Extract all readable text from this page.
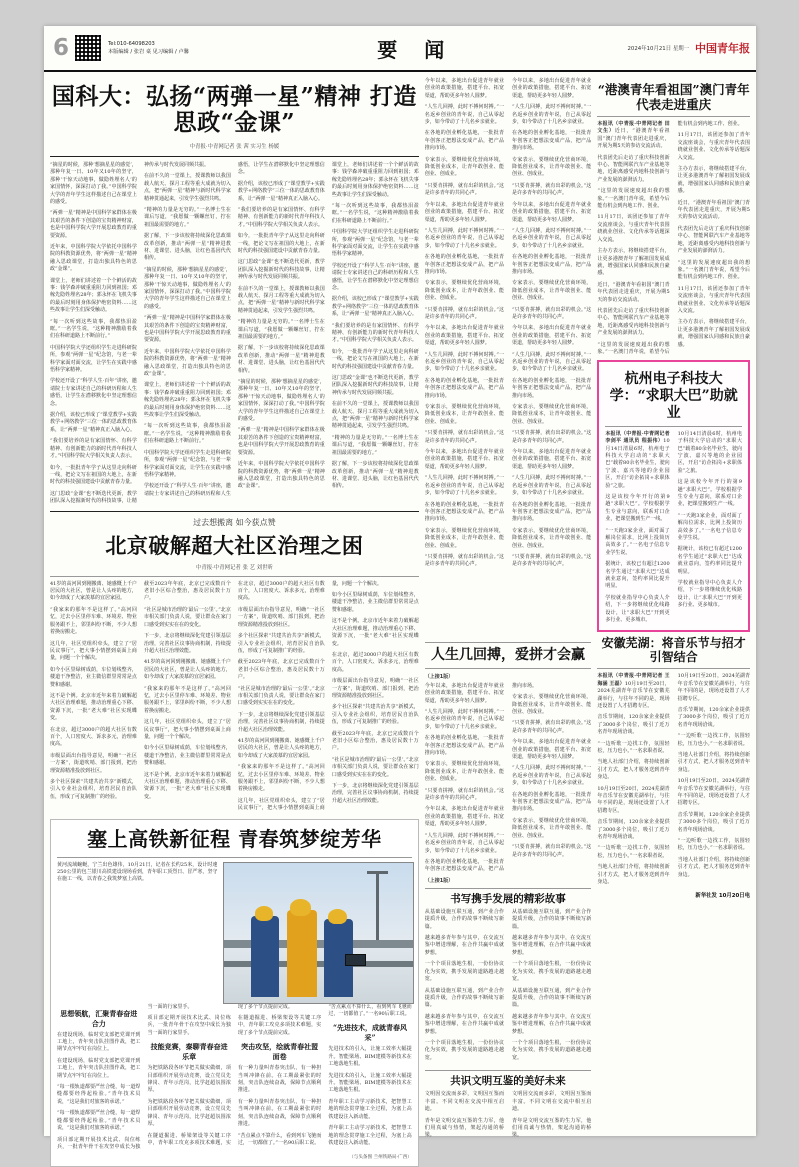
6	Tel:010-64098203
本版编辑 / 张岩 桌 见习编辑 / 卢馨	要 闻	2024年10月21日 星期一 中国青年报
国科大：弘扬“两弹一星”精神 打造思政“金课”
中青报·中青网记者 张 茜 实习生 杨媛

“摘星的时候，那种‘想摘星星的感觉’，那种年复一日、10年又10年的坚守，那种‘干惊天动地事，做隐姓埋名人’的家国情怀，深深打动了我。”中国科学院大学的青年学生这样描述自己在课堂上的感受。

“两弹一星”精神是中国科学家群体在极其艰苦的条件下创造的宝贵精神财富，也是中国科学院大学开展思政教育的重要资源。

近年来，中国科学院大学依托中国科学院的科教资源优势，将“两弹一星”精神融入思政课堂，打造出独具特色的思政“金课”。

课堂上，老师们讲述着一个个鲜活的故事：钱学森冲破重重阻力回到祖国；邓稼先隐姓埋名28年；郭永怀在飞机失事的最后时刻用身体保护绝密资料……这些故事让学生们深受触动。

“每一次听到这些故事，我都热泪盈眶。”一名学生说，“这种精神激励着我们在科研道路上不断前行。”

中国科学院大学还组织学生走进科研院所，参观“两弹一星”纪念馆，与老一辈科学家面对面交流，让学生在实践中感悟科学家精神。

学校还开设了“科学人生·百年”讲座，邀请院士专家讲述自己的科研历程和人生感悟，让学生在潜移默化中坚定理想信念。

据介绍，该校已形成了“课堂教学+实践教学+网络教学”三位一体的思政教育体系，让“两弹一星”精神真正入脑入心。

“我们要培养的是有家国情怀、有科学精神、有创新能力的新时代青年科技人才。”中国科学院大学相关负责人表示。

如今，一批批青年学子从这里走向科研一线，把论文写在祖国的大地上，在新时代的科技强国建设中贡献青春力量。

这门思政“金课”也不断迭代更新，教学团队深入挖掘新时代的科技故事，让精神传承与时代发展同频共振。

在前不久的一堂课上，授课教师以我国载人航天、探月工程等重大成就为切入点，把“两弹一星”精神与新时代科学家精神贯通起来，引发学生强烈共鸣。

“精神的力量是无穷的。”一名博士生在课后写道，“我愿做一颗螺丝钉，拧在祖国最需要的地方。”

据了解，下一步该校将持续深化思政课改革创新，推动“两弹一星”精神进教材、进课堂、进头脑，让红色基因代代相传。

“摘星的时候，那种‘想摘星星的感觉’，那种年复一日、10年又10年的坚守，那种‘干惊天动地事，做隐姓埋名人’的家国情怀，深深打动了我。”中国科学院大学的青年学生这样描述自己在课堂上的感受。

“两弹一星”精神是中国科学家群体在极其艰苦的条件下创造的宝贵精神财富，也是中国科学院大学开展思政教育的重要资源。

近年来，中国科学院大学依托中国科学院的科教资源优势，将“两弹一星”精神融入思政课堂，打造出独具特色的思政“金课”。

课堂上，老师们讲述着一个个鲜活的故事：钱学森冲破重重阻力回到祖国；邓稼先隐姓埋名28年；郭永怀在飞机失事的最后时刻用身体保护绝密资料……这些故事让学生们深受触动。

“每一次听到这些故事，我都热泪盈眶。”一名学生说，“这种精神激励着我们在科研道路上不断前行。”

中国科学院大学还组织学生走进科研院所，参观“两弹一星”纪念馆，与老一辈科学家面对面交流，让学生在实践中感悟科学家精神。

学校还开设了“科学人生·百年”讲座，邀请院士专家讲述自己的科研历程和人生感悟，让学生在潜移默化中坚定理想信念。

据介绍，该校已形成了“课堂教学+实践教学+网络教学”三位一体的思政教育体系，让“两弹一星”精神真正入脑入心。

“我们要培养的是有家国情怀、有科学精神、有创新能力的新时代青年科技人才。”中国科学院大学相关负责人表示。

如今，一批批青年学子从这里走向科研一线，把论文写在祖国的大地上，在新时代的科技强国建设中贡献青春力量。

这门思政“金课”也不断迭代更新，教学团队深入挖掘新时代的科技故事，让精神传承与时代发展同频共振。

在前不久的一堂课上，授课教师以我国载人航天、探月工程等重大成就为切入点，把“两弹一星”精神与新时代科学家精神贯通起来，引发学生强烈共鸣。

“精神的力量是无穷的。”一名博士生在课后写道，“我愿做一颗螺丝钉，拧在祖国最需要的地方。”

据了解，下一步该校将持续深化思政课改革创新，推动“两弹一星”精神进教材、进课堂、进头脑，让红色基因代代相传。

“摘星的时候，那种‘想摘星星的感觉’，那种年复一日、10年又10年的坚守，那种‘干惊天动地事，做隐姓埋名人’的家国情怀，深深打动了我。”中国科学院大学的青年学生这样描述自己在课堂上的感受。

“两弹一星”精神是中国科学家群体在极其艰苦的条件下创造的宝贵精神财富，也是中国科学院大学开展思政教育的重要资源。

近年来，中国科学院大学依托中国科学院的科教资源优势，将“两弹一星”精神融入思政课堂，打造出独具特色的思政“金课”。

课堂上，老师们讲述着一个个鲜活的故事：钱学森冲破重重阻力回到祖国；邓稼先隐姓埋名28年；郭永怀在飞机失事的最后时刻用身体保护绝密资料……这些故事让学生们深受触动。

“每一次听到这些故事，我都热泪盈眶。”一名学生说，“这种精神激励着我们在科研道路上不断前行。”

中国科学院大学还组织学生走进科研院所，参观“两弹一星”纪念馆，与老一辈科学家面对面交流，让学生在实践中感悟科学家精神。

学校还开设了“科学人生·百年”讲座，邀请院士专家讲述自己的科研历程和人生感悟，让学生在潜移默化中坚定理想信念。

据介绍，该校已形成了“课堂教学+实践教学+网络教学”三位一体的思政教育体系，让“两弹一星”精神真正入脑入心。

“我们要培养的是有家国情怀、有科学精神、有创新能力的新时代青年科技人才。”中国科学院大学相关负责人表示。

如今，一批批青年学子从这里走向科研一线，把论文写在祖国的大地上，在新时代的科技强国建设中贡献青春力量。

这门思政“金课”也不断迭代更新，教学团队深入挖掘新时代的科技故事，让精神传承与时代发展同频共振。

在前不久的一堂课上，授课教师以我国载人航天、探月工程等重大成就为切入点，把“两弹一星”精神与新时代科学家精神贯通起来，引发学生强烈共鸣。

“精神的力量是无穷的。”一名博士生在课后写道，“我愿做一颗螺丝钉，拧在祖国最需要的地方。”

据了解，下一步该校将持续深化思政课改革创新，推动“两弹一星”精神进教材、进课堂、进头脑，让红色基因代代相传。

过去想搬离 如今获点赞
北京破解超大社区治理之困
中青报·中青网记者 张 艺 刘世昕

41岁的高河回到刚搬离、她感慨上千户居民的大社区，曾是让人头疼的地方，如今却成了大家羡慕的宜居家园。

“我家来的那年不是这样了。”高河回忆，过去小区里停车难、环境差、物业服务跟不上，邻里纠纷不断，不少人想着换房搬走。

这几年，社区党组织牵头，建立了“居民议事厅”，把大事小情摆到桌面上商量，问题一个个解决。

如今小区里绿树成荫，车位划线整齐，楼道干净整洁，业主微信群里常常是点赞和感谢。

这不是个例。北京市近年来着力破解超大社区治理难题，推动治理重心下移、资源下沉，一批“老大难”社区实现蝶变。

在北京，超过3000户的超大社区有数百个，人口密度大、诉求多元，治理难度高。

市级层面出台指导意见，明确“一社区一方案”，街道吹哨、部门报到，把治理资源精准投放到社区。

多个社区探索“共建共治共享”新模式，引入专业社会组织，培育居民自治队伍，形成了可复制推广的经验。

截至2023年年底，北京已完成数百个老旧小区综合整治，惠及居民数十万户。

“社区是城市治理的‘最后一公里’。”北京市相关部门负责人说，要让群众在家门口感受到实实在在的变化。

下一步，北京将继续深化党建引领基层治理，完善社区议事协商机制，持续提升超大社区治理效能。

41岁的高河回到刚搬离、她感慨上千户居民的大社区，曾是让人头疼的地方，如今却成了大家羡慕的宜居家园。

“我家来的那年不是这样了。”高河回忆，过去小区里停车难、环境差、物业服务跟不上，邻里纠纷不断，不少人想着换房搬走。

这几年，社区党组织牵头，建立了“居民议事厅”，把大事小情摆到桌面上商量，问题一个个解决。

如今小区里绿树成荫，车位划线整齐，楼道干净整洁，业主微信群里常常是点赞和感谢。

这不是个例。北京市近年来着力破解超大社区治理难题，推动治理重心下移、资源下沉，一批“老大难”社区实现蝶变。

在北京，超过3000户的超大社区有数百个，人口密度大、诉求多元，治理难度高。

市级层面出台指导意见，明确“一社区一方案”，街道吹哨、部门报到，把治理资源精准投放到社区。

多个社区探索“共建共治共享”新模式，引入专业社会组织，培育居民自治队伍，形成了可复制推广的经验。

截至2023年年底，北京已完成数百个老旧小区综合整治，惠及居民数十万户。

“社区是城市治理的‘最后一公里’。”北京市相关部门负责人说，要让群众在家门口感受到实实在在的变化。

下一步，北京将继续深化党建引领基层治理，完善社区议事协商机制，持续提升超大社区治理效能。

41岁的高河回到刚搬离、她感慨上千户居民的大社区，曾是让人头疼的地方，如今却成了大家羡慕的宜居家园。

“我家来的那年不是这样了。”高河回忆，过去小区里停车难、环境差、物业服务跟不上，邻里纠纷不断，不少人想着换房搬走。

这几年，社区党组织牵头，建立了“居民议事厅”，把大事小情摆到桌面上商量，问题一个个解决。

如今小区里绿树成荫，车位划线整齐，楼道干净整洁，业主微信群里常常是点赞和感谢。

这不是个例。北京市近年来着力破解超大社区治理难题，推动治理重心下移、资源下沉，一批“老大难”社区实现蝶变。

在北京，超过3000户的超大社区有数百个，人口密度大、诉求多元，治理难度高。

市级层面出台指导意见，明确“一社区一方案”，街道吹哨、部门报到，把治理资源精准投放到社区。

多个社区探索“共建共治共享”新模式，引入专业社会组织，培育居民自治队伍，形成了可复制推广的经验。

截至2023年年底，北京已完成数百个老旧小区综合整治，惠及居民数十万户。

“社区是城市治理的‘最后一公里’。”北京市相关部门负责人说，要让群众在家门口感受到实实在在的变化。

下一步，北京将继续深化党建引领基层治理，完善社区议事协商机制，持续提升超大社区治理效能。

塞上高铁新征程 青春筑梦绽芳华

黄河流域蜿蜒，宁兰出色雄伟，10月21日，记者在长约25米，设计时速250公里的包兰银川高铁建设现场看到，青年职工顶烈日、冒严寒，坚守在施工一线，以青春之我筑梦塞上高铁。

思想领航，汇聚青春奋进合力

在建设现场，临时党支部把党课开到工地上，青年突击队挂图作战，把工期节点牢牢钉在岗位上。

在建设现场，临时党支部把党课开到工地上，青年突击队挂图作战，把工期节点牢牢钉在岗位上。

“每一根轨道都要严丝合缝，每一道焊缝都要经得起检验。”青年技术员说，“这是我们对旅客的承诺。”

“每一根轨道都要严丝合缝，每一道焊缝都要经得起检验。”青年技术员说，“这是我们对旅客的承诺。”

项目部定期开展技术比武、岗位练兵，一批青年骨干在攻坚中成长为独当一面的行家里手。

项目部定期开展技术比武、岗位练兵，一批青年骨干在攻坚中成长为独当一面的行家里手。

技能竞赛，秦聊青春奋进乐章

为把铁路段各环节把关做实做细，项目部组织开展劳动竞赛，设立党员先锋岗、青年示范岗，比学赶超氛围浓厚。

为把铁路段各环节把关做实做细，项目部组织开展劳动竞赛，设立党员先锋岗、青年示范岗，比学赶超氛围浓厚。

在隧道掘进、桥梁架设等关键工序中，青年职工攻克多项技术难题，实现了多个节点提前完成。

在隧道掘进、桥梁架设等关键工序中，青年职工攻克多项技术难题，实现了多个节点提前完成。

突击攻坚，绘就青春社盟面卷

有一种力量叫青春突击队，有一种担当叫冲锋在前。在工期最紧张的时刻，突击队连续奋战，保障节点顺利推进。

有一种力量叫青春突击队，有一种担当叫冲锋在前。在工期最紧张的时刻，突击队连续奋战，保障节点顺利推进。

“苦点累点不算什么，看到列车飞驰而过，一切都值了。”一名90后职工说。

“苦点累点不算什么，看到列车飞驰而过，一切都值了。”一名90后职工说。

“先进技术，成就青春风采”

先进技术的引入，让施工效率大幅提升。智能梁场、BIM建模等新技术在工地落地生根。

先进技术的引入，让施工效率大幅提升。智能梁场、BIM建模等新技术在工地落地生根。

青年职工主动学习新技术，把智慧工地的理念贯穿施工全过程，为塞上高铁建设注入新动能。

青年职工主动学习新技术，把智慧工地的理念贯穿施工全过程，为塞上高铁建设注入新动能。

（与头条图 兰州铁路局·广西）

今年以来，多地出台促进青年就业创业的政策措施，搭建平台、拓宽渠道，帮助更多年轻人圆梦。

“人生几回搏，此时不搏何时搏。”一名返乡创业的青年说，自己从零起步，如今带动了十几名乡亲就业。

在各地的创业孵化基地，一批批青年创客正把想法变成产品，把产品推向市场。

专家表示，要继续优化营商环境，降低创业成本，让青年敢创业、能创业、创成业。

“只要肯拼搏，就有出彩的机会。”这是许多青年的共同心声。

今年以来，多地出台促进青年就业创业的政策措施，搭建平台、拓宽渠道，帮助更多年轻人圆梦。

“人生几回搏，此时不搏何时搏。”一名返乡创业的青年说，自己从零起步，如今带动了十几名乡亲就业。

在各地的创业孵化基地，一批批青年创客正把想法变成产品，把产品推向市场。

专家表示，要继续优化营商环境，降低创业成本，让青年敢创业、能创业、创成业。

“只要肯拼搏，就有出彩的机会。”这是许多青年的共同心声。

今年以来，多地出台促进青年就业创业的政策措施，搭建平台、拓宽渠道，帮助更多年轻人圆梦。

“人生几回搏，此时不搏何时搏。”一名返乡创业的青年说，自己从零起步，如今带动了十几名乡亲就业。

在各地的创业孵化基地，一批批青年创客正把想法变成产品，把产品推向市场。

专家表示，要继续优化营商环境，降低创业成本，让青年敢创业、能创业、创成业。

“只要肯拼搏，就有出彩的机会。”这是许多青年的共同心声。

今年以来，多地出台促进青年就业创业的政策措施，搭建平台、拓宽渠道，帮助更多年轻人圆梦。

“人生几回搏，此时不搏何时搏。”一名返乡创业的青年说，自己从零起步，如今带动了十几名乡亲就业。

在各地的创业孵化基地，一批批青年创客正把想法变成产品，把产品推向市场。

专家表示，要继续优化营商环境，降低创业成本，让青年敢创业、能创业、创成业。

“只要肯拼搏，就有出彩的机会。”这是许多青年的共同心声。

今年以来，多地出台促进青年就业创业的政策措施，搭建平台、拓宽渠道，帮助更多年轻人圆梦。

“人生几回搏，此时不搏何时搏。”一名返乡创业的青年说，自己从零起步，如今带动了十几名乡亲就业。

在各地的创业孵化基地，一批批青年创客正把想法变成产品，把产品推向市场。

专家表示，要继续优化营商环境，降低创业成本，让青年敢创业、能创业、创成业。

“只要肯拼搏，就有出彩的机会。”这是许多青年的共同心声。

今年以来，多地出台促进青年就业创业的政策措施，搭建平台、拓宽渠道，帮助更多年轻人圆梦。

“人生几回搏，此时不搏何时搏。”一名返乡创业的青年说，自己从零起步，如今带动了十几名乡亲就业。

在各地的创业孵化基地，一批批青年创客正把想法变成产品，把产品推向市场。

专家表示，要继续优化营商环境，降低创业成本，让青年敢创业、能创业、创成业。

“只要肯拼搏，就有出彩的机会。”这是许多青年的共同心声。

今年以来，多地出台促进青年就业创业的政策措施，搭建平台、拓宽渠道，帮助更多年轻人圆梦。

“人生几回搏，此时不搏何时搏。”一名返乡创业的青年说，自己从零起步，如今带动了十几名乡亲就业。

在各地的创业孵化基地，一批批青年创客正把想法变成产品，把产品推向市场。

专家表示，要继续优化营商环境，降低创业成本，让青年敢创业、能创业、创成业。

“只要肯拼搏，就有出彩的机会。”这是许多青年的共同心声。

今年以来，多地出台促进青年就业创业的政策措施，搭建平台、拓宽渠道，帮助更多年轻人圆梦。

“人生几回搏，此时不搏何时搏。”一名返乡创业的青年说，自己从零起步，如今带动了十几名乡亲就业。

在各地的创业孵化基地，一批批青年创客正把想法变成产品，把产品推向市场。

专家表示，要继续优化营商环境，降低创业成本，让青年敢创业、能创业、创成业。

“只要肯拼搏，就有出彩的机会。”这是许多青年的共同心声。

人生几回搏，爱拼才会赢
（上接1版）

今年以来，多地出台促进青年就业创业的政策措施，搭建平台、拓宽渠道，帮助更多年轻人圆梦。

“人生几回搏，此时不搏何时搏。”一名返乡创业的青年说，自己从零起步，如今带动了十几名乡亲就业。

在各地的创业孵化基地，一批批青年创客正把想法变成产品，把产品推向市场。

专家表示，要继续优化营商环境，降低创业成本，让青年敢创业、能创业、创成业。

“只要肯拼搏，就有出彩的机会。”这是许多青年的共同心声。

今年以来，多地出台促进青年就业创业的政策措施，搭建平台、拓宽渠道，帮助更多年轻人圆梦。

“人生几回搏，此时不搏何时搏。”一名返乡创业的青年说，自己从零起步，如今带动了十几名乡亲就业。

在各地的创业孵化基地，一批批青年创客正把想法变成产品，把产品推向市场。

专家表示，要继续优化营商环境，降低创业成本，让青年敢创业、能创业、创成业。

“只要肯拼搏，就有出彩的机会。”这是许多青年的共同心声。

今年以来，多地出台促进青年就业创业的政策措施，搭建平台、拓宽渠道，帮助更多年轻人圆梦。

“人生几回搏，此时不搏何时搏。”一名返乡创业的青年说，自己从零起步，如今带动了十几名乡亲就业。

在各地的创业孵化基地，一批批青年创客正把想法变成产品，把产品推向市场。

专家表示，要继续优化营商环境，降低创业成本，让青年敢创业、能创业、创成业。

“只要肯拼搏，就有出彩的机会。”这是许多青年的共同心声。

（上接1版）
书写携手发展的精彩故事

从基础设施互联互通，到产业合作提质升级，合作的故事不断续写新篇。

越来越多青年参与其中，在交流互鉴中增进理解，在合作共赢中成就梦想。

一个个项目落地生根，一份份协议化为实效，携手发展的道路越走越宽。

从基础设施互联互通，到产业合作提质升级，合作的故事不断续写新篇。

越来越多青年参与其中，在交流互鉴中增进理解，在合作共赢中成就梦想。

一个个项目落地生根，一份份协议化为实效，携手发展的道路越走越宽。

从基础设施互联互通，到产业合作提质升级，合作的故事不断续写新篇。

越来越多青年参与其中，在交流互鉴中增进理解，在合作共赢中成就梦想。

一个个项目落地生根，一份份协议化为实效，携手发展的道路越走越宽。

从基础设施互联互通，到产业合作提质升级，合作的故事不断续写新篇。

越来越多青年参与其中，在交流互鉴中增进理解，在合作共赢中成就梦想。

一个个项目落地生根，一份份协议化为实效，携手发展的道路越走越宽。

共识文明互鉴的美好未来

文明因交流而多彩，文明因互鉴而丰富。不同文明在交流中相互启迪。

青年是文明交流互鉴的生力军，他们用真诚与热情，架起沟通的桥梁。

文明因交流而多彩，文明因互鉴而丰富。不同文明在交流中相互启迪。

青年是文明交流互鉴的生力军，他们用真诚与热情，架起沟通的桥梁。

“港澳青年看祖国”澳门青年代表走进重庆

本报讯（中青报·中青网记者 田文生）近日，“港澳青年看祖国”澳门青年代表团走进重庆，开展为期5天的参访交流活动。

代表团先后走访了重庆科技创新中心、智能网联汽车产业基地等地，近距离感受内地科技创新与产业发展的澎湃活力。

“这里的发展速度超出我的想象。”一名澳门青年说，希望今后能有机会到内地工作、创业。

11月17日，该团还参加了青年交流座谈会，与重庆青年代表围绕就业创业、文化传承等话题深入交流。

主办方表示，将继续搭建平台，让更多港澳青年了解祖国发展成就，增强国家认同感和民族自豪感。

近日，“港澳青年看祖国”澳门青年代表团走进重庆，开展为期5天的参访交流活动。

代表团先后走访了重庆科技创新中心、智能网联汽车产业基地等地，近距离感受内地科技创新与产业发展的澎湃活力。

“这里的发展速度超出我的想象。”一名澳门青年说，希望今后能有机会到内地工作、创业。

11月17日，该团还参加了青年交流座谈会，与重庆青年代表围绕就业创业、文化传承等话题深入交流。

主办方表示，将继续搭建平台，让更多港澳青年了解祖国发展成就，增强国家认同感和民族自豪感。

近日，“港澳青年看祖国”澳门青年代表团走进重庆，开展为期5天的参访交流活动。

代表团先后走访了重庆科技创新中心、智能网联汽车产业基地等地，近距离感受内地科技创新与产业发展的澎湃活力。

“这里的发展速度超出我的想象。”一名澳门青年说，希望今后能有机会到内地工作、创业。

11月17日，该团还参加了青年交流座谈会，与重庆青年代表围绕就业创业、文化传承等话题深入交流。

主办方表示，将继续搭建平台，让更多港澳青年了解祖国发展成就，增强国家认同感和民族自豪感。

杭州电子科技大学：“求职大巴”助就业

本报讯（中青报·中青网记者 李剑平 通讯员 程振伟）10月14日清晨6时，杭州电子科技大学启动的“求职大巴”载着80余名毕业生，驶向宁波、嘉兴等地的企业园区，开启“访企拓岗+求职体验”之旅。

这是该校今年开行的第9趟“求职大巴”。学校根据学生专业与意向，联系对口企业，把课堂搬到生产一线。

“一天跑3家企业，面对面了解岗位需求，比网上投简历高效多了。”一名电子信息专业学生说。

据统计，该校已有超过1200名学生通过“求职大巴”达成就业意向，签约率同比提升明显。

学校就业指导中心负责人介绍，下一步将继续优化线路设计，让“求职大巴”开到更多行业、更多城市。

10月14日清晨6时，杭州电子科技大学启动的“求职大巴”载着80余名毕业生，驶向宁波、嘉兴等地的企业园区，开启“访企拓岗+求职体验”之旅。

这是该校今年开行的第9趟“求职大巴”。学校根据学生专业与意向，联系对口企业，把课堂搬到生产一线。

“一天跑3家企业，面对面了解岗位需求，比网上投简历高效多了。”一名电子信息专业学生说。

据统计，该校已有超过1200名学生通过“求职大巴”达成就业意向，签约率同比提升明显。

学校就业指导中心负责人介绍，下一步将继续优化线路设计，让“求职大巴”开到更多行业、更多城市。

安徽芜湖：将音乐节与招才引智结合

本报讯（中青报·中青网记者 王海涵 王磊）10月19日至20日，2024芜湖青年音乐节在安徽芜湖举行，与往年不同的是，现场还设置了人才招聘专区。

音乐节期间，120余家企业提供了3000多个岗位，吸引了近万名青年现场洽谈。

“一边听歌一边找工作，氛围轻松，压力也小。”一名求职者说。

当地人社部门介绍，将持续创新引才方式，把人才服务送到青年身边。

10月19日至20日，2024芜湖青年音乐节在安徽芜湖举行，与往年不同的是，现场还设置了人才招聘专区。

音乐节期间，120余家企业提供了3000多个岗位，吸引了近万名青年现场洽谈。

“一边听歌一边找工作，氛围轻松，压力也小。”一名求职者说。

当地人社部门介绍，将持续创新引才方式，把人才服务送到青年身边。

10月19日至20日，2024芜湖青年音乐节在安徽芜湖举行，与往年不同的是，现场还设置了人才招聘专区。

音乐节期间，120余家企业提供了3000多个岗位，吸引了近万名青年现场洽谈。

“一边听歌一边找工作，氛围轻松，压力也小。”一名求职者说。

当地人社部门介绍，将持续创新引才方式，把人才服务送到青年身边。

10月19日至20日，2024芜湖青年音乐节在安徽芜湖举行，与往年不同的是，现场还设置了人才招聘专区。

音乐节期间，120余家企业提供了3000多个岗位，吸引了近万名青年现场洽谈。

“一边听歌一边找工作，氛围轻松，压力也小。”一名求职者说。

当地人社部门介绍，将持续创新引才方式，把人才服务送到青年身边。

新华社发 10月20日电
